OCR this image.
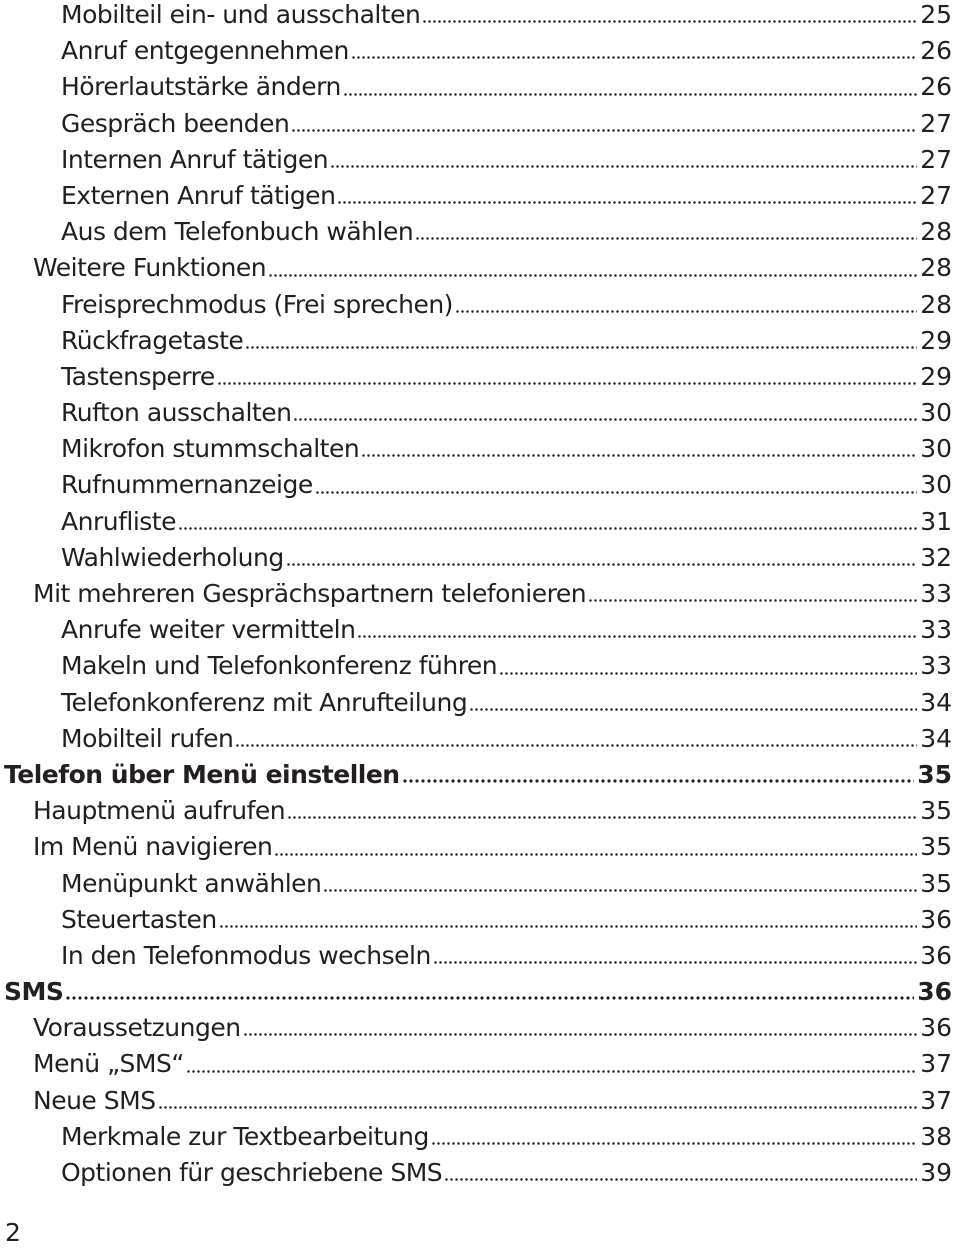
Mobilteil ein- und ausschalten	25
Anruf entgegennehmen	26
Hörerlautstärke ändern	26
Gespräch beenden	27
Internen Anruf tätigen	27
Externen Anruf tätigen	27
Aus dem Telefonbuch wählen	28
Weitere Funktionen	28
Freisprechmodus (Frei sprechen)	28
Rückfragetaste	29
Tastensperre	29
Rufton ausschalten	30
Mikrofon stummschalten	30
Rufnummernanzeige	30
Anrufliste	31
Wahlwiederholung	32
Mit mehreren Gesprächspartnern telefonieren	33
Anrufe weiter vermitteln	33
Makeln und Telefonkonferenz führen	33
Telefonkonferenz mit Anrufteilung	34
Mobilteil rufen	34
Telefon über Menü einstellen	35
Hauptmenü aufrufen	35
Im Menü navigieren	35
Menüpunkt anwählen	35
Steuertasten	36
In den Telefonmodus wechseln	36
SMS	36
Voraussetzungen	36
Menü „SMS“	37
Neue SMS	37
Merkmale zur Textbearbeitung	38
Optionen für geschriebene SMS	39
2
